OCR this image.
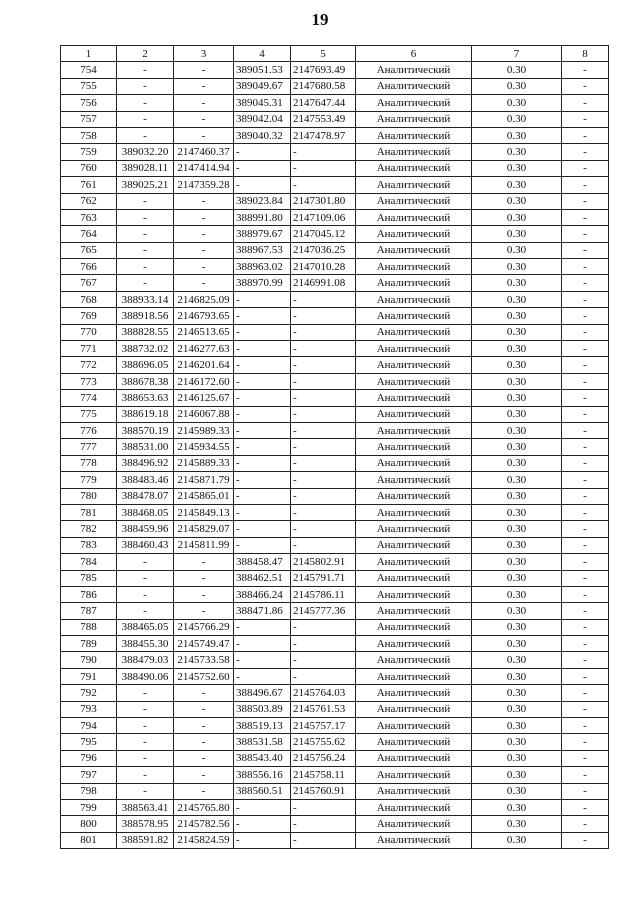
19
1	2	3	4	5	6	7	8
754	-	-	389051.53	2147693.49	Аналитический	0.30	-
755	-	-	389049.67	2147680.58	Аналитический	0.30	-
756	-	-	389045.31	2147647.44	Аналитический	0.30	-
757	-	-	389042.04	2147553.49	Аналитический	0.30	-
758	-	-	389040.32	2147478.97	Аналитический	0.30	-
759	389032.20	2147460.37	-	-	Аналитический	0.30	-
760	389028.11	2147414.94	-	-	Аналитический	0.30	-
761	389025.21	2147359.28	-	-	Аналитический	0.30	-
762	-	-	389023.84	2147301.80	Аналитический	0.30	-
763	-	-	388991.80	2147109.06	Аналитический	0.30	-
764	-	-	388979.67	2147045.12	Аналитический	0.30	-
765	-	-	388967.53	2147036.25	Аналитический	0.30	-
766	-	-	388963.02	2147010.28	Аналитический	0.30	-
767	-	-	388970.99	2146991.08	Аналитический	0.30	-
768	388933.14	2146825.09	-	-	Аналитический	0.30	-
769	388918.56	2146793.65	-	-	Аналитический	0.30	-
770	388828.55	2146513.65	-	-	Аналитический	0.30	-
771	388732.02	2146277.63	-	-	Аналитический	0.30	-
772	388696.05	2146201.64	-	-	Аналитический	0.30	-
773	388678.38	2146172.60	-	-	Аналитический	0.30	-
774	388653.63	2146125.67	-	-	Аналитический	0.30	-
775	388619.18	2146067.88	-	-	Аналитический	0.30	-
776	388570.19	2145989.33	-	-	Аналитический	0.30	-
777	388531.00	2145934.55	-	-	Аналитический	0.30	-
778	388496.92	2145889.33	-	-	Аналитический	0.30	-
779	388483.46	2145871.79	-	-	Аналитический	0.30	-
780	388478.07	2145865.01	-	-	Аналитический	0.30	-
781	388468.05	2145849.13	-	-	Аналитический	0.30	-
782	388459.96	2145829.07	-	-	Аналитический	0.30	-
783	388460.43	2145811.99	-	-	Аналитический	0.30	-
784	-	-	388458.47	2145802.91	Аналитический	0.30	-
785	-	-	388462.51	2145791.71	Аналитический	0.30	-
786	-	-	388466.24	2145786.11	Аналитический	0.30	-
787	-	-	388471.86	2145777.36	Аналитический	0.30	-
788	388465.05	2145766.29	-	-	Аналитический	0.30	-
789	388455.30	2145749.47	-	-	Аналитический	0.30	-
790	388479.03	2145733.58	-	-	Аналитический	0.30	-
791	388490.06	2145752.60	-	-	Аналитический	0.30	-
792	-	-	388496.67	2145764.03	Аналитический	0.30	-
793	-	-	388503.89	2145761.53	Аналитический	0.30	-
794	-	-	388519.13	2145757.17	Аналитический	0.30	-
795	-	-	388531.58	2145755.62	Аналитический	0.30	-
796	-	-	388543.40	2145756.24	Аналитический	0.30	-
797	-	-	388556.16	2145758.11	Аналитический	0.30	-
798	-	-	388560.51	2145760.91	Аналитический	0.30	-
799	388563.41	2145765.80	-	-	Аналитический	0.30	-
800	388578.95	2145782.56	-	-	Аналитический	0.30	-
801	388591.82	2145824.59	-	-	Аналитический	0.30	-
